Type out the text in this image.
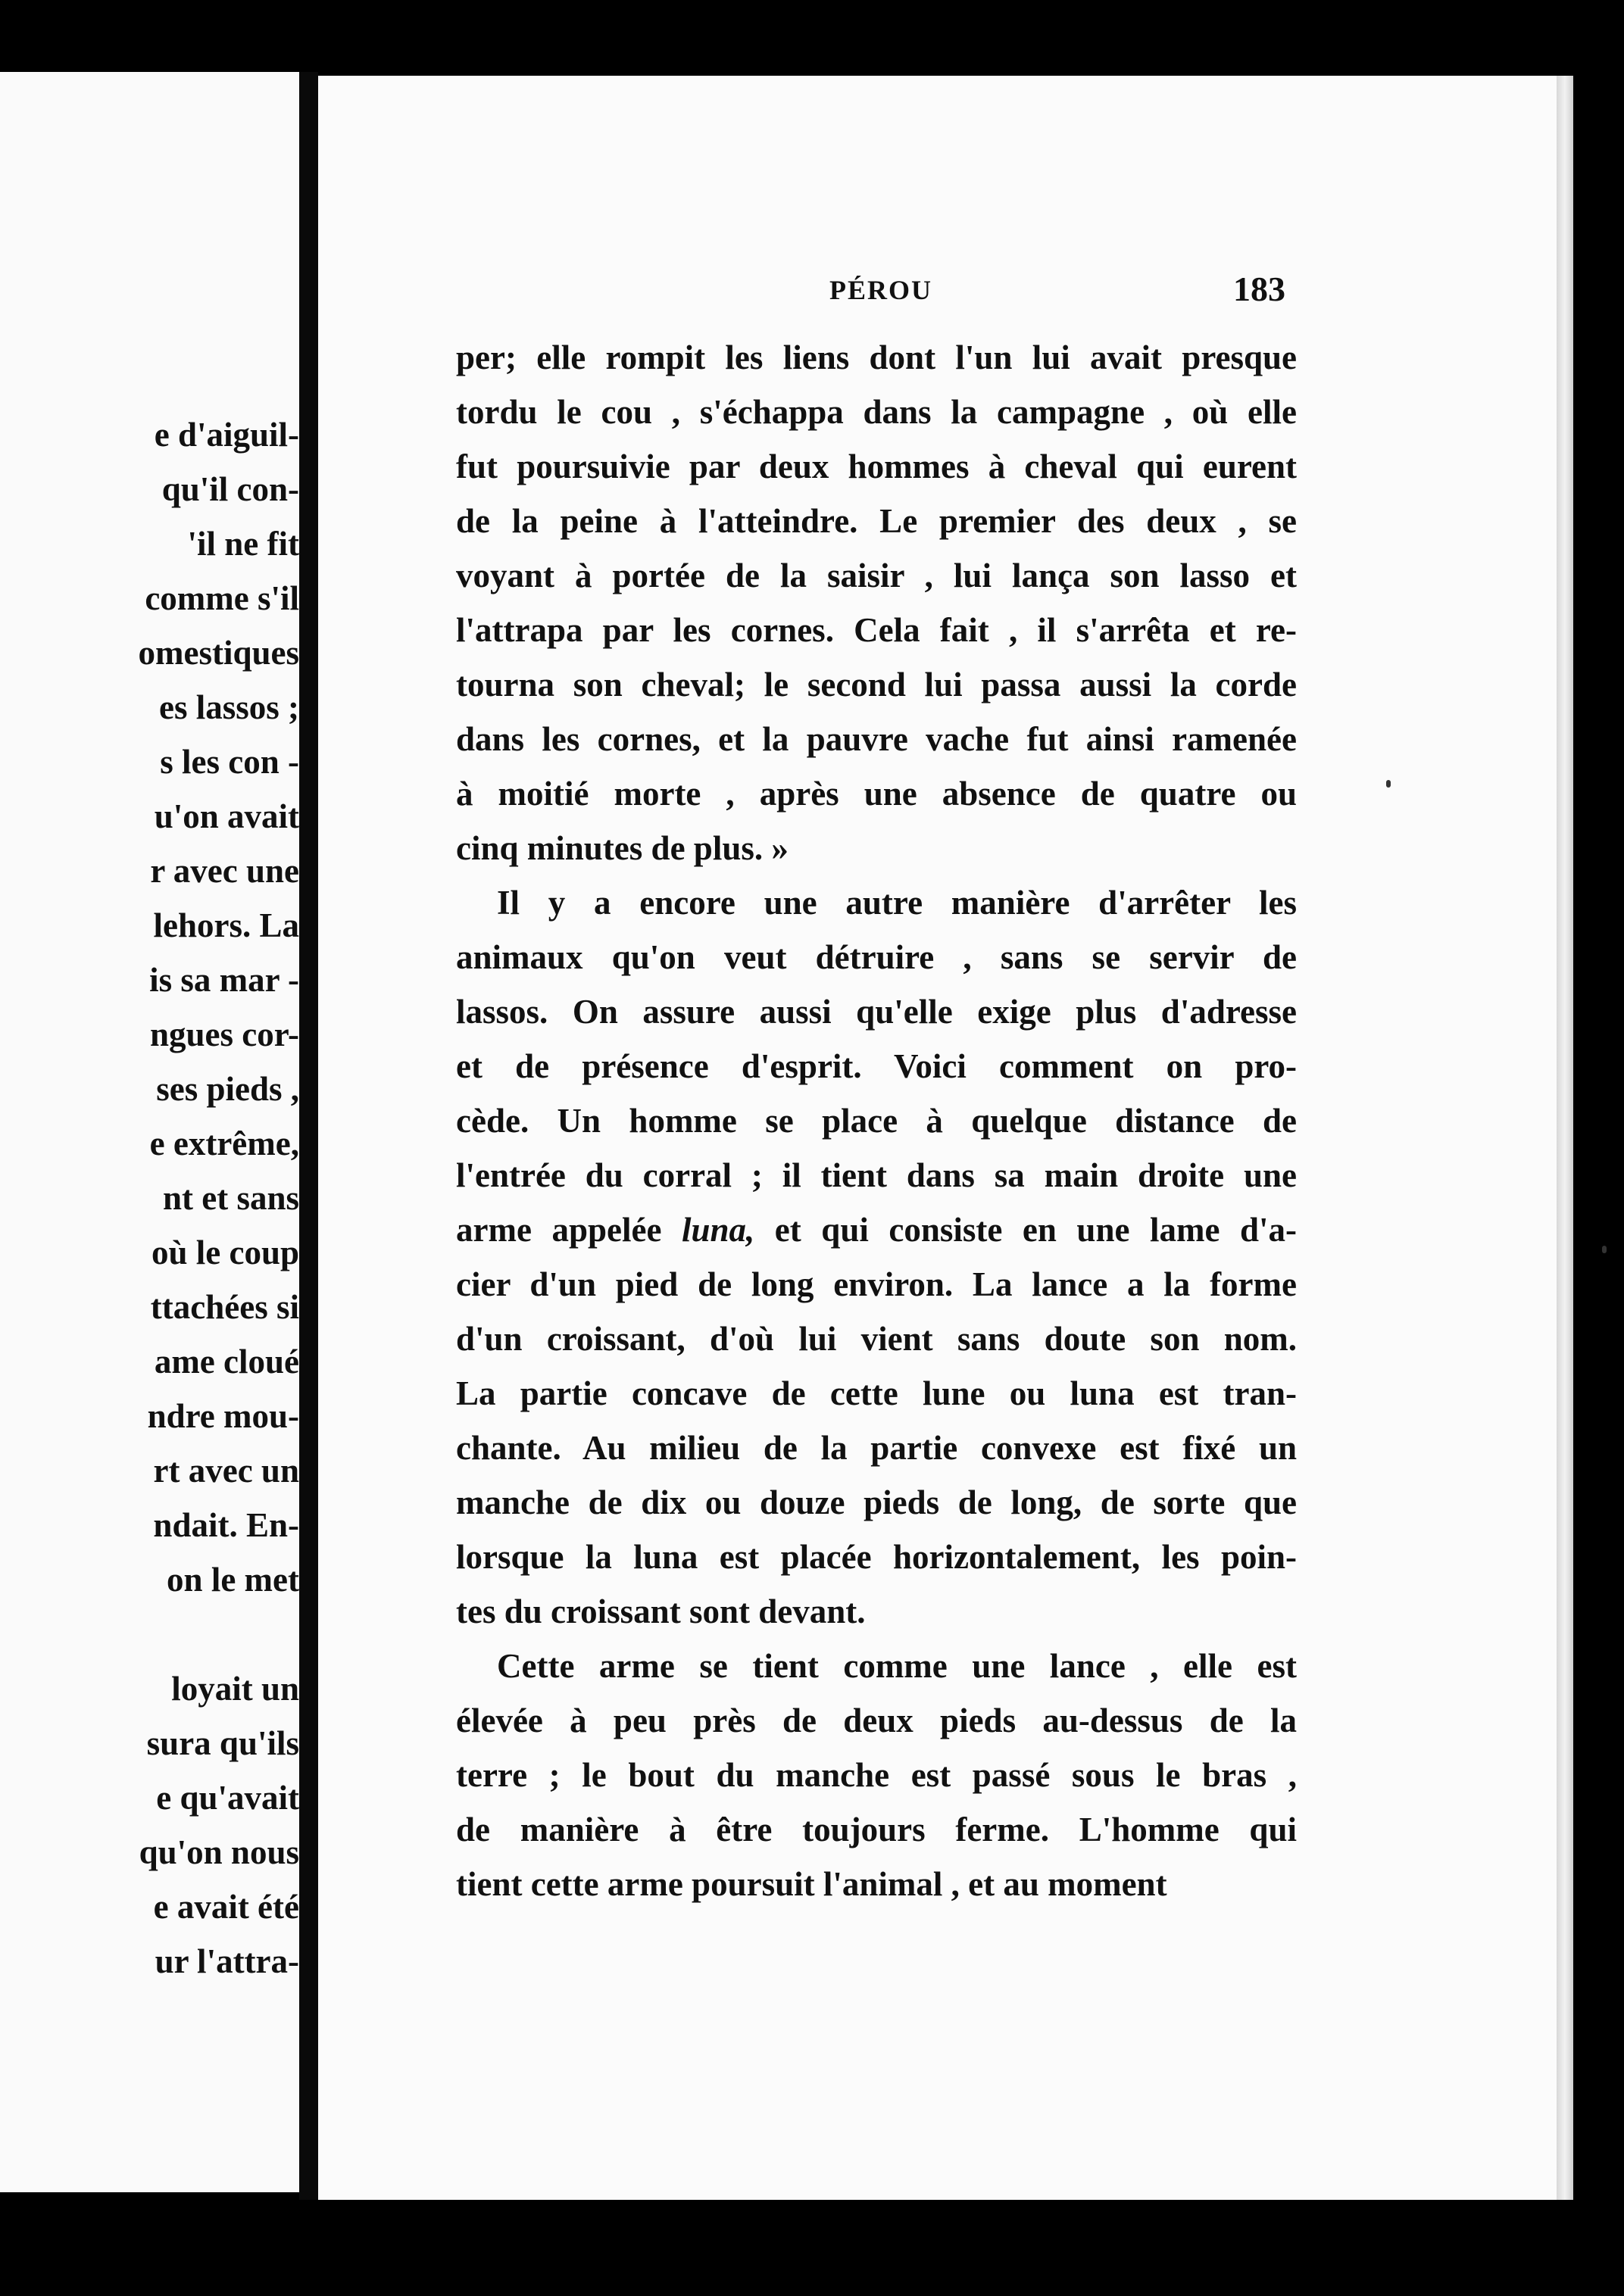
e d'aiguil-
qu'il con-
'il ne fit
comme s'il
omestiques
es lassos ;
s les con -
u'on avait
r avec une
lehors. La
is sa mar -
ngues cor-
ses pieds ,
e extrême,
nt et sans
où le coup
ttachées si
ame cloué
ndre mou-
rt avec un
ndait. En-
on le met
loyait un
sura qu'ils
e qu'avait
qu'on nous
e avait été
ur l'attra-
PÉROU	183
per; elle rompit les liens dont l'un lui avait presque
tordu le cou , s'échappa dans la campagne , où elle
fut poursuivie par deux hommes à cheval qui eurent
de la peine à l'atteindre. Le premier des deux , se
voyant à portée de la saisir , lui lança son lasso et
l'attrapa par les cornes. Cela fait , il s'arrêta et re-
tourna son cheval; le second lui passa aussi la corde
dans les cornes, et la pauvre vache fut ainsi ramenée
à moitié morte , après une absence de quatre ou
cinq minutes de plus. »
Il y a encore une autre manière d'arrêter les
animaux qu'on veut détruire , sans se servir de
lassos. On assure aussi qu'elle exige plus d'adresse
et de présence d'esprit. Voici comment on pro-
cède. Un homme se place à quelque distance de
l'entrée du corral ; il tient dans sa main droite une
arme appelée luna, et qui consiste en une lame d'a-
cier d'un pied de long environ. La lance a la forme
d'un croissant, d'où lui vient sans doute son nom.
La partie concave de cette lune ou luna est tran-
chante. Au milieu de la partie convexe est fixé un
manche de dix ou douze pieds de long, de sorte que
lorsque la luna est placée horizontalement, les poin-
tes du croissant sont devant.
Cette arme se tient comme une lance , elle est
élevée à peu près de deux pieds au-dessus de la
terre ; le bout du manche est passé sous le bras ,
de manière à être toujours ferme. L'homme qui
tient cette arme poursuit l'animal , et au moment
